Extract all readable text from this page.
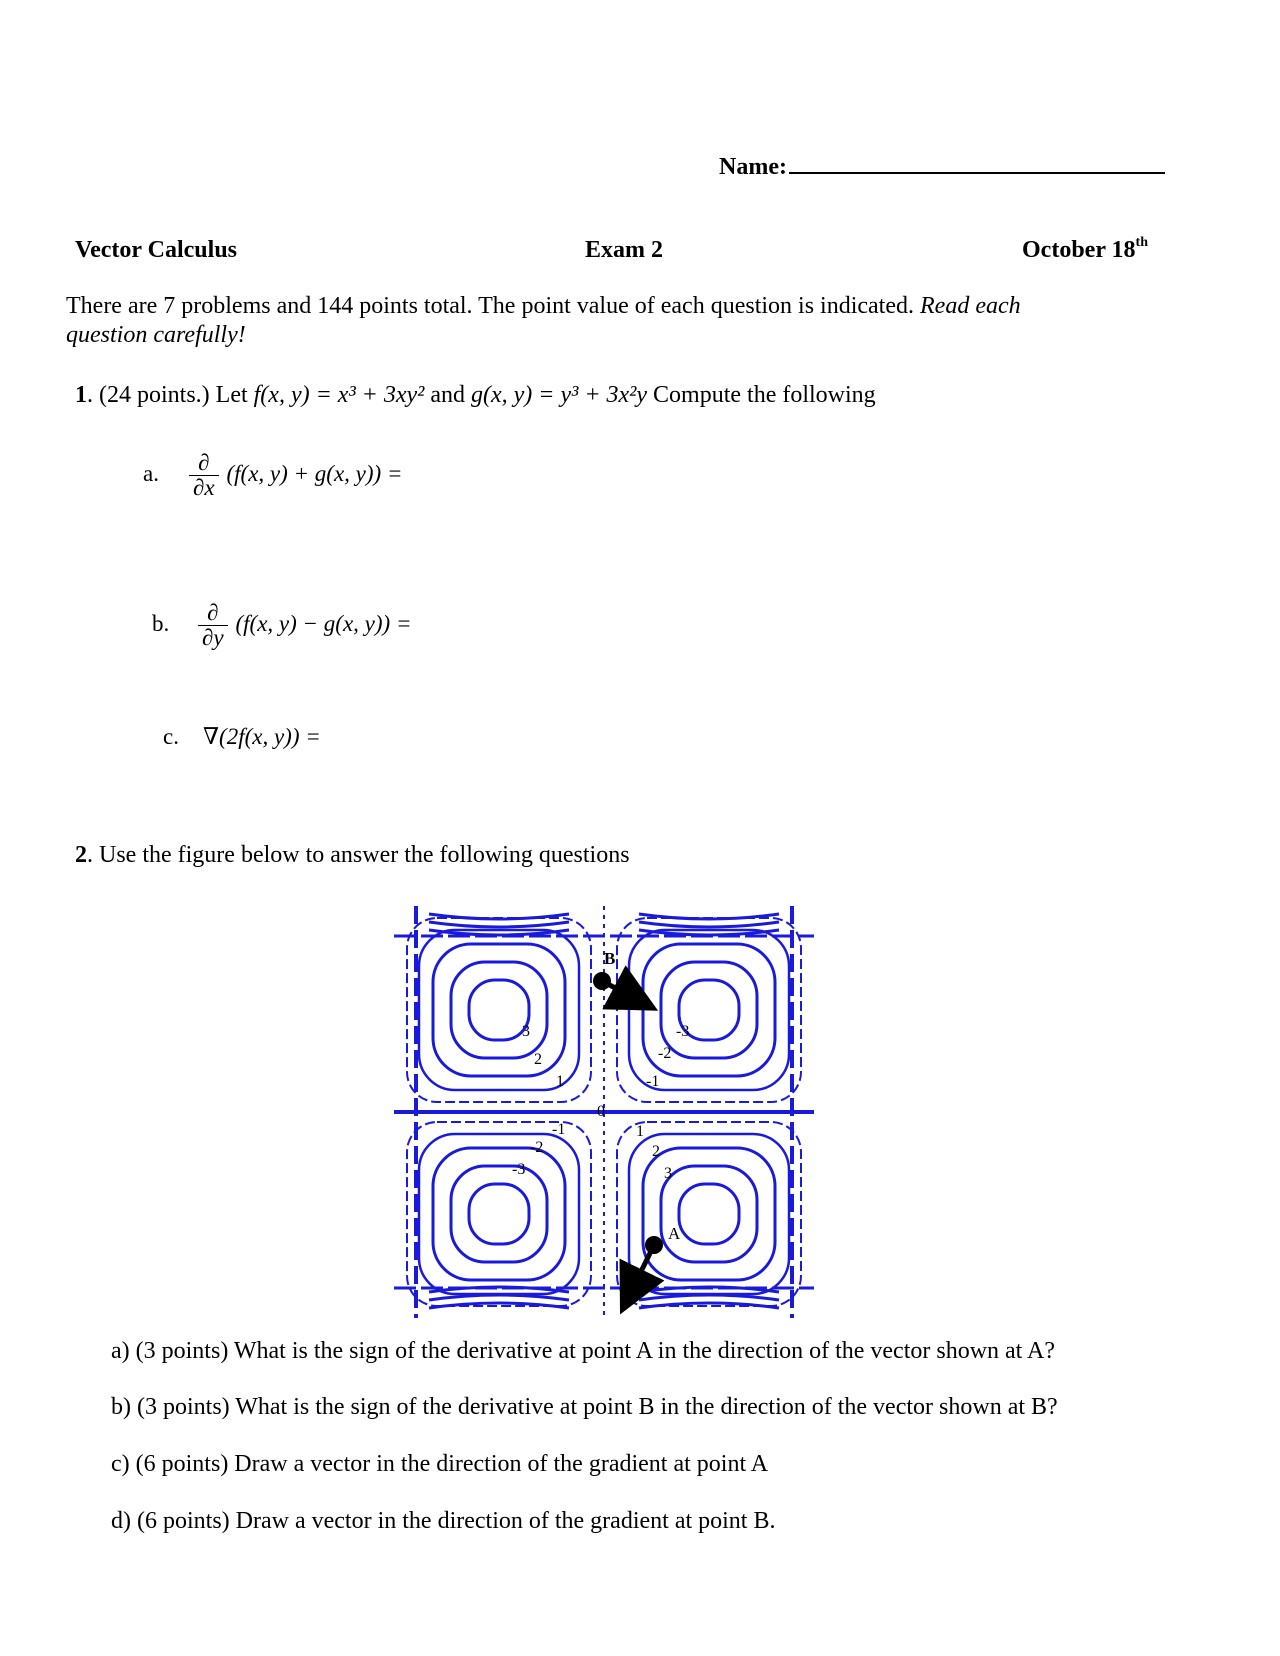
Name:
Vector Calculus	Exam 2	October 18th
There are 7 problems and 144 points total. The point value of each question is indicated. Read each
question carefully!
1. (24 points.) Let f(x, y) = x³ + 3xy² and g(x, y) = y³ + 3x²y Compute the following
a. $\frac{\partial}{\partial x} (f(x$, y) + g(x, y)) =
b. $\frac{\partial}{\partial y} (f(x$, y) − g(x, y)) =
c. ∇(2f(x, y)) =
2. Use the figure below to answer the following questions
3
2
1
-3
-2
-1
0
-1
-2
-3
1
2
3
B
A
a) (3 points) What is the sign of the derivative at point A in the direction of the vector shown at A?
b) (3 points) What is the sign of the derivative at point B in the direction of the vector shown at B?
c) (6 points) Draw a vector in the direction of the gradient at point A
d) (6 points) Draw a vector in the direction of the gradient at point B.
